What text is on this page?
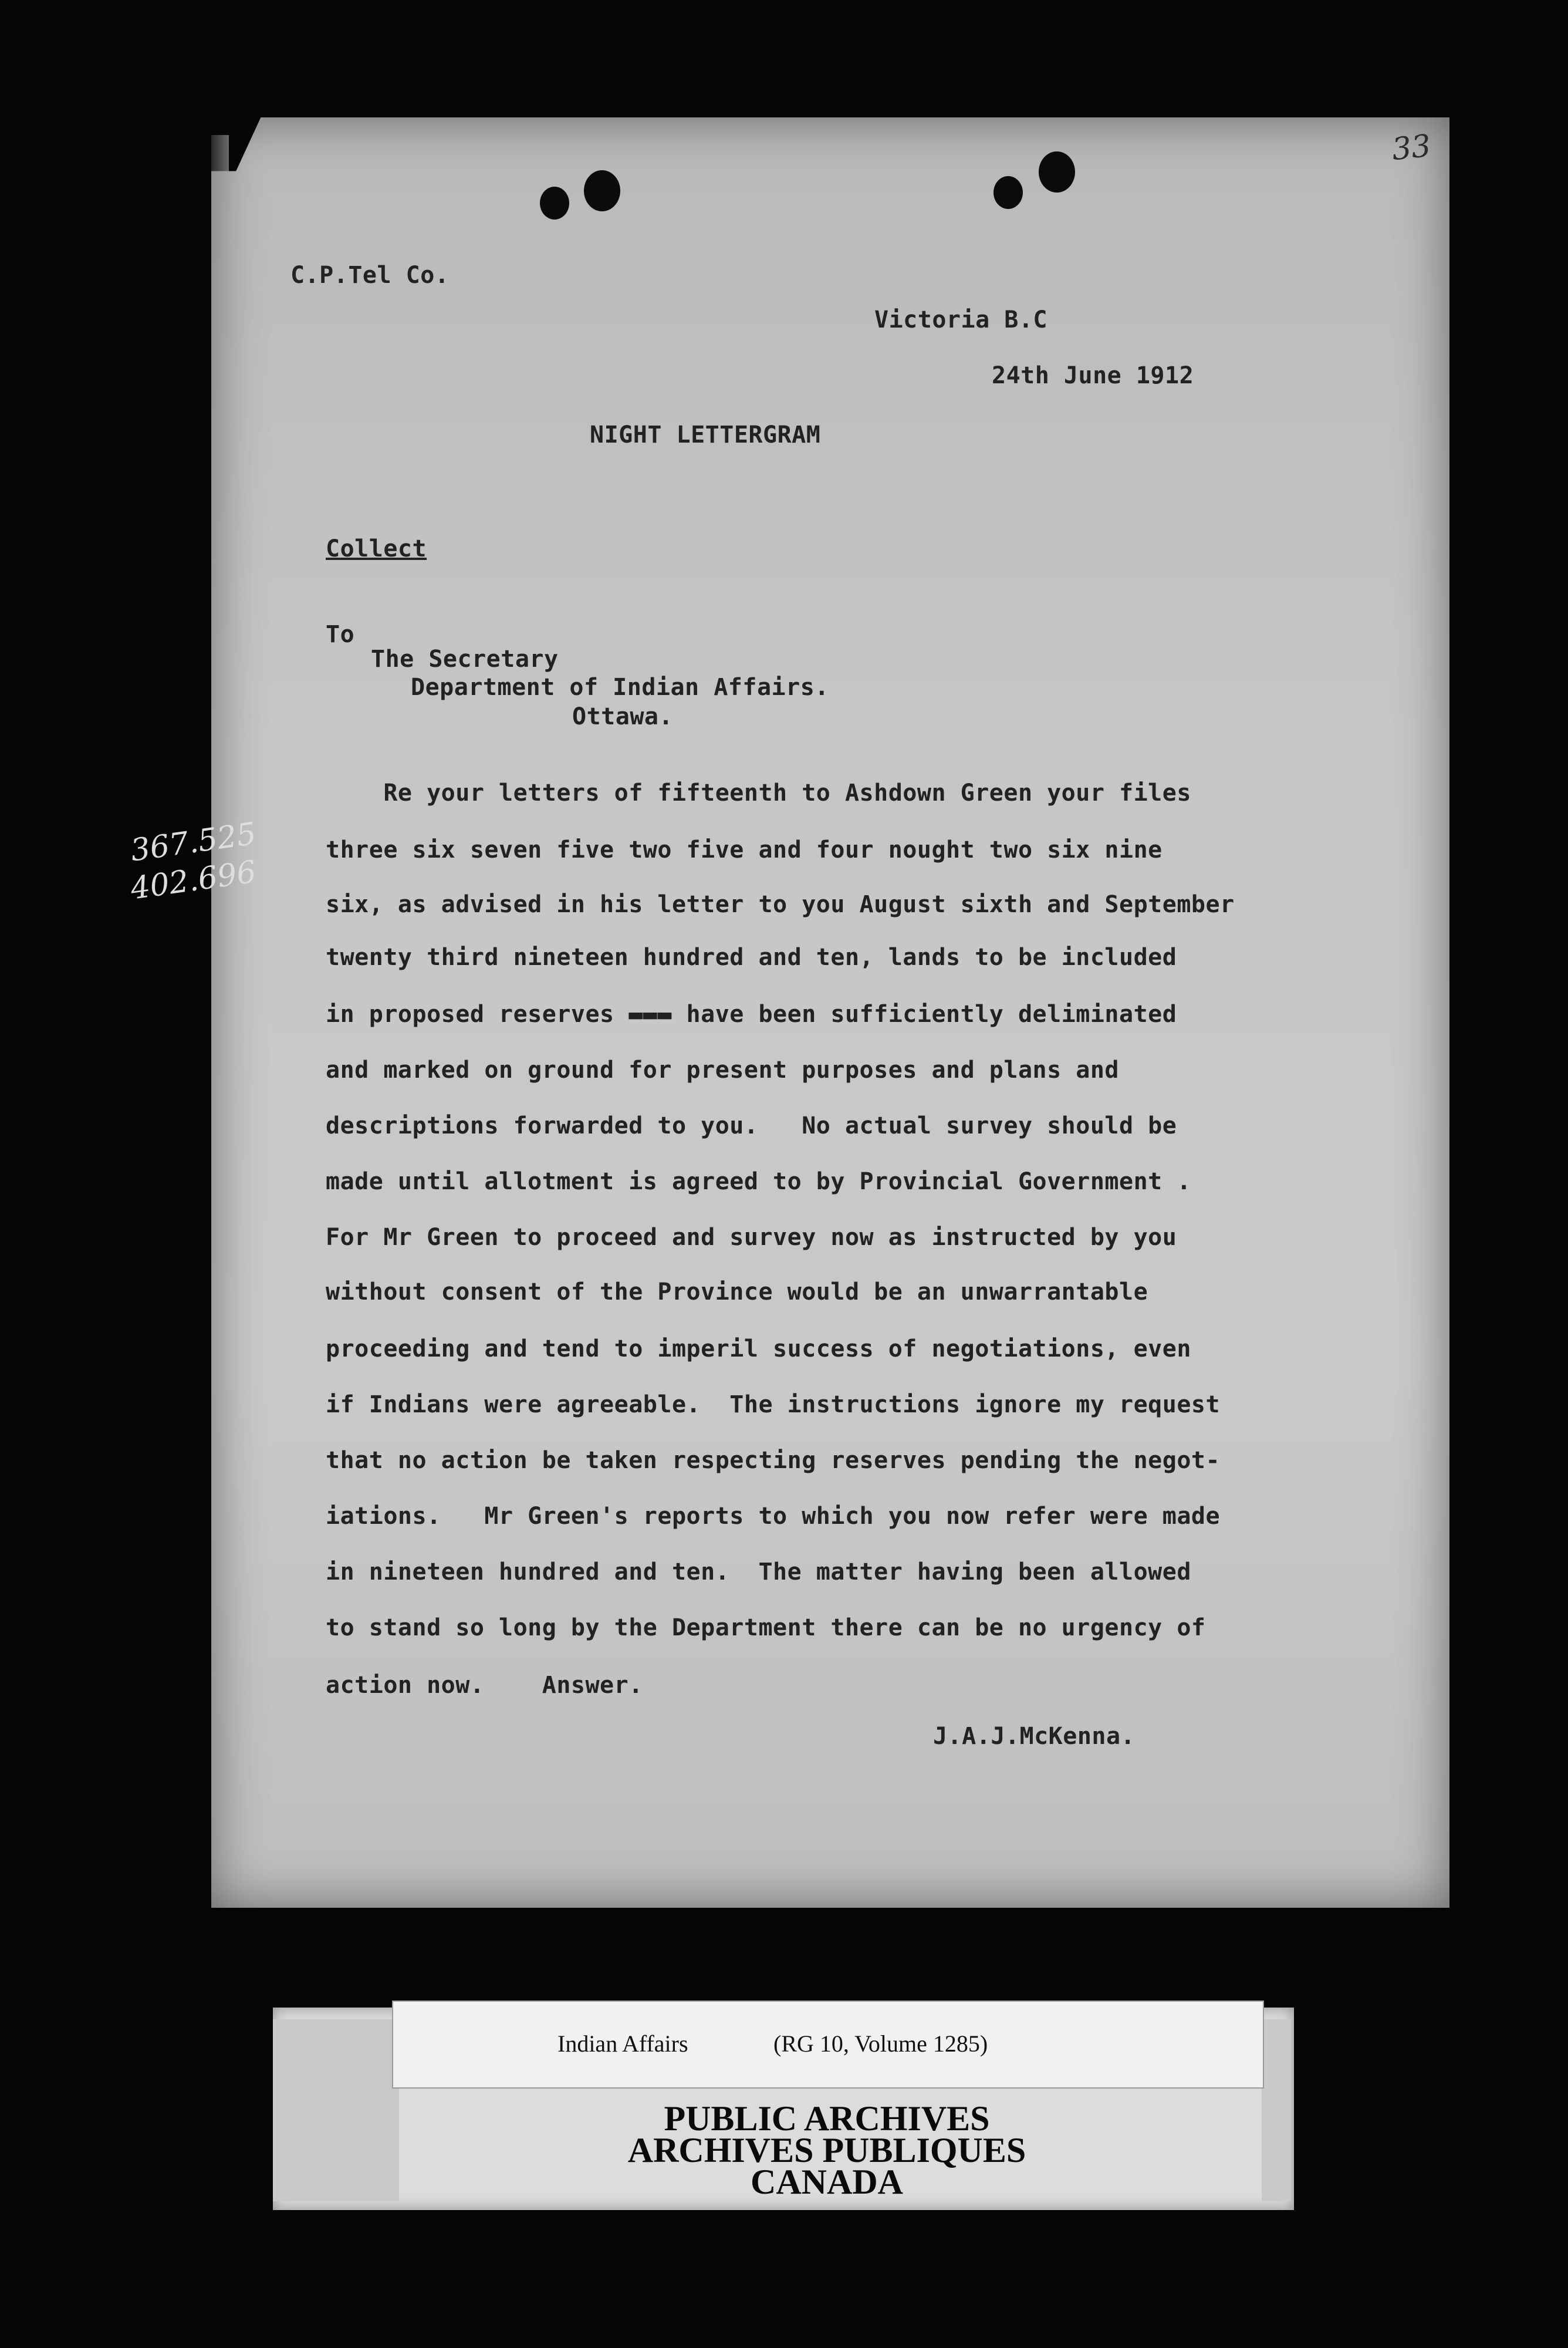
33
C.P.Tel Co.
Victoria B.C
24th June 1912
NIGHT LETTERGRAM
Collect
To
The Secretary
Department of Indian Affairs.
Ottawa.
367.525
402.696
Re your letters of fifteenth to Ashdown Green your files
three six seven five two five and four nought two six nine
six, as advised in his letter to you August sixth and September
twenty third nineteen hundred and ten, lands to be included
in proposed reserves ▬▬▬ have been sufficiently deliminated
and marked on ground for present purposes and plans and
descriptions forwarded to you.   No actual survey should be
made until allotment is agreed to by Provincial Government .
For Mr Green to proceed and survey now as instructed by you
without consent of the Province would be an unwarrantable
proceeding and tend to imperil success of negotiations, even
if Indians were agreeable.  The instructions ignore my request
that no action be taken respecting reserves pending the negot-
iations.   Mr Green's reports to which you now refer were made
in nineteen hundred and ten.  The matter having been allowed
to stand so long by the Department there can be no urgency of
action now.    Answer.
J.A.J.McKenna.
Indian Affairs	(RG 10, Volume 1285)
PUBLIC ARCHIVES
ARCHIVES PUBLIQUES
CANADA
